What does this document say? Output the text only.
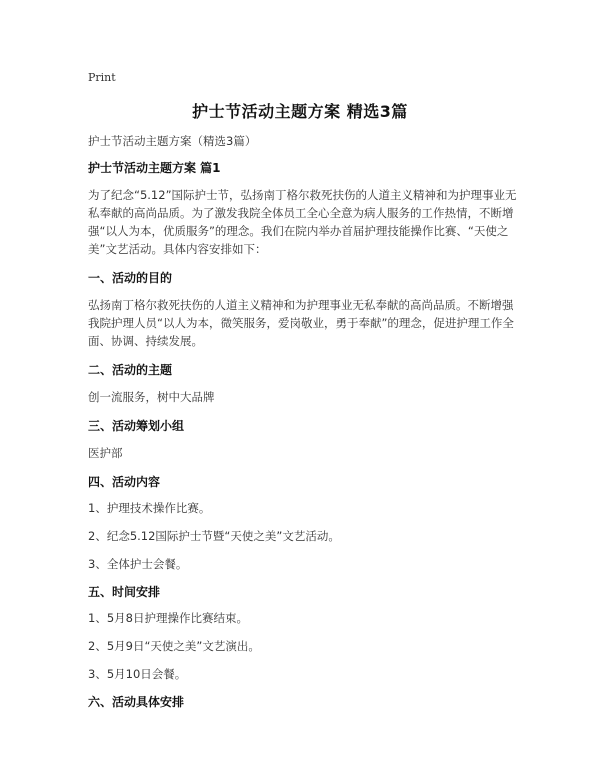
Print
护士节活动主题方案 精选3篇
护士节活动主题方案（精选3篇）
护士节活动主题方案 篇1

为了纪念“5.12”国际护士节，弘扬南丁格尔救死扶伤的人道主义精神和为护理事业无私奉献的高尚品质。为了激发我院全体员工全心全意为病人服务的工作热情，不断增强“以人为本，优质服务”的理念。我们在院内举办首届护理技能操作比赛、“天使之美”文艺活动。具体内容安排如下：

一、活动的目的

弘扬南丁格尔救死扶伤的人道主义精神和为护理事业无私奉献的高尚品质。不断增强我院护理人员“以人为本，微笑服务，爱岗敬业，勇于奉献”的理念，促进护理工作全面、协调、持续发展。

二、活动的主题

创一流服务，树中大品牌

三、活动筹划小组

医护部

四、活动内容

1、护理技术操作比赛。

2、纪念5.12国际护士节暨“天使之美”文艺活动。

3、全体护士会餐。

五、时间安排

1、5月8日护理操作比赛结束。

2、5月9日“天使之美”文艺演出。

3、5月10日会餐。

六、活动具体安排
